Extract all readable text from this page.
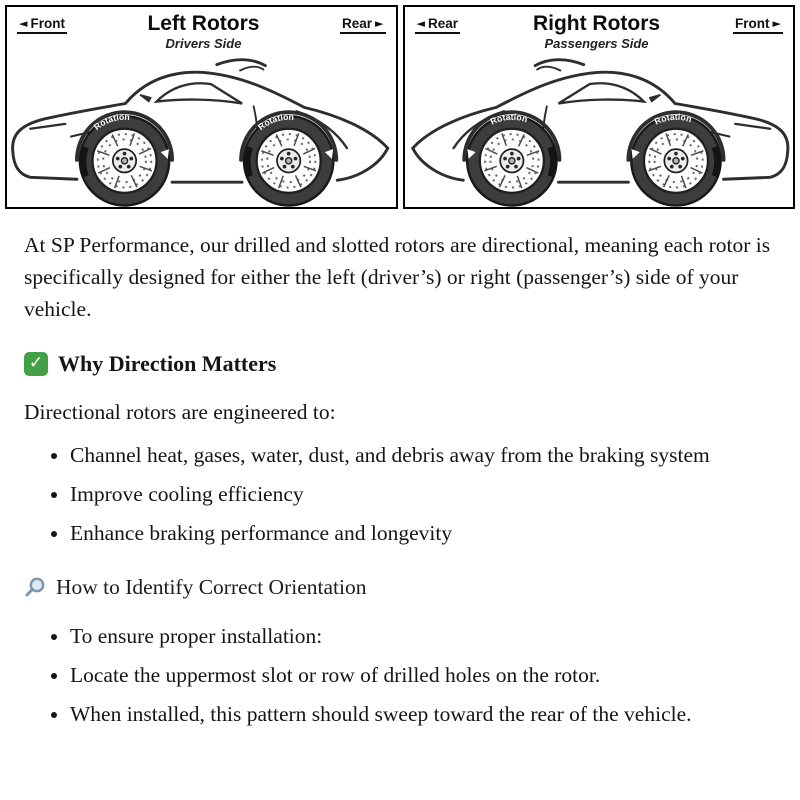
◄ Front	Left Rotors
Drivers Side
Rear ►	◄ Rear	Right Rotors
Passengers Side
Front ►

At SP Performance, our drilled and slotted rotors are directional, meaning each rotor is specifically designed for either the left (driver’s) or right (passenger’s) side of your vehicle.

✓ Why Direction Matters

Directional rotors are engineered to:

• Channel heat, gases, water, dust, and debris away from the braking system
• Improve cooling efficiency
• Enhance braking performance and longevity
How to Identify Correct Orientation
• To ensure proper installation:
• Locate the uppermost slot or row of drilled holes on the rotor.
• When installed, this pattern should sweep toward the rear of the vehicle.
